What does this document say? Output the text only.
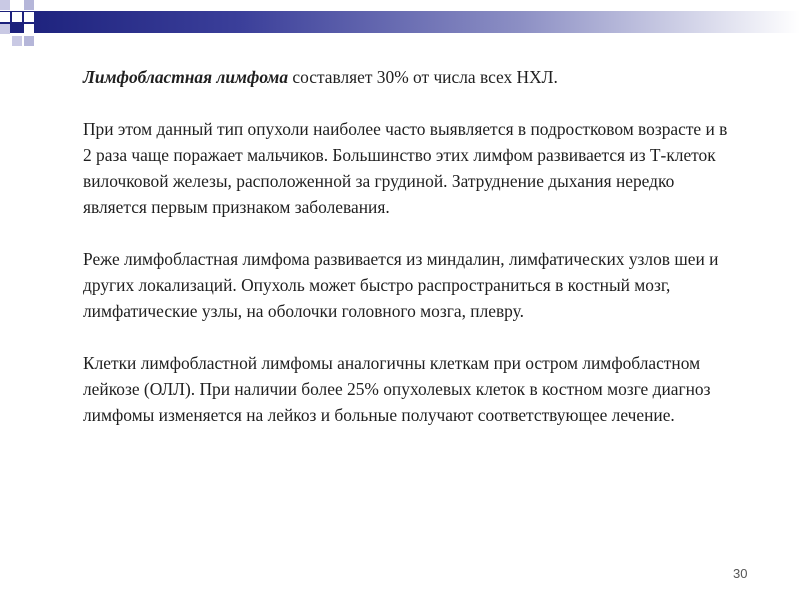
Лимфобластная лимфома составляет 30% от числа всех НХЛ.

При этом данный тип опухоли наиболее часто выявляется в подростковом возрасте и в 2 раза чаще поражает мальчиков. Большинство этих лимфом развивается из Т-клеток вилочковой железы, расположенной за грудиной. Затруднение дыхания нередко является первым признаком заболевания.

Реже лимфобластная лимфома развивается из миндалин, лимфатических узлов шеи и других локализаций. Опухоль может быстро распространиться в костный мозг, лимфатические узлы, на оболочки головного мозга, плевру.

Клетки лимфобластной лимфомы аналогичны клеткам при остром лимфобластном лейкозе (ОЛЛ). При наличии более 25% опухолевых клеток в костном мозге диагноз лимфомы изменяется на лейкоз и больные получают соответствующее лечение.

30
